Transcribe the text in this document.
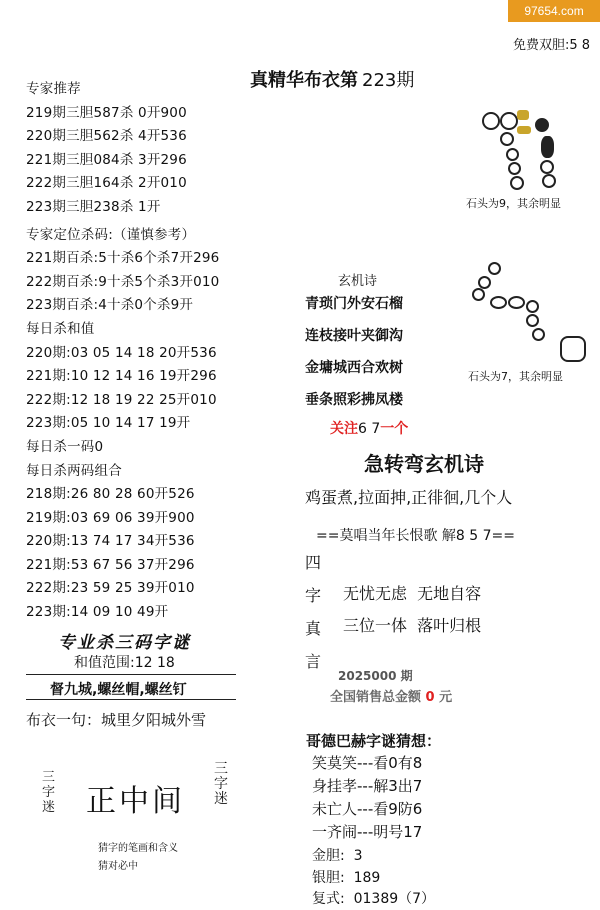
97654.com
免费双胆:5 8
真精华布衣第 223期
专家推荐
219期三胆587杀 0开900
220期三胆562杀 4开536
221期三胆084杀 3开296
222期三胆164杀 2开010
223期三胆238杀 1开
专家定位杀码:（谨慎参考）
221期百杀:5十杀6个杀7开296
222期百杀:9十杀5个杀3开010
223期百杀:4十杀0个杀9开
每日杀和值
220期:03 05 14 18 20开536
221期:10 12 14 16 19开296
222期:12 18 19 22 25开010
223期:05 10 14 17 19开
每日杀一码0
每日杀两码组合
218期:26 80 28 60开526
219期:03 69 06 39开900
220期:13 74 17 34开536
221期:53 67 56 37开296
222期:23 59 25 39开010
223期:14 09 10 49开
专业杀三码字谜
和值范围:12 18
督九城,螺丝帽,螺丝钉
布衣一句：城里夕阳城外雪
三
字
迷 正中间
三
字
迷
猜字的笔画和含义
猜对必中
石头为9，其余明显
石头为7，其余明显
玄机诗
青琐门外安石榴
连枝接叶夹御沟
金墉城西合欢树
垂条照彩拂凤楼
关注6 7一个
急转弯玄机诗
鸡蛋煮,拉面抻,正徘徊,几个人
==莫唱当年长恨歌 解8 5 7==
四
字
真
言
无忧无虑  无地自容
三位一体  落叶归根
2025000 期
全国销售总金额 0 元
哥德巴赫字谜猜想：
笑莫笑---看0有8
身挂孝---解3出7
未亡人---看9防6
一齐闹---明号17
金胆:  3
银胆:  189
复式:  01389（7）
